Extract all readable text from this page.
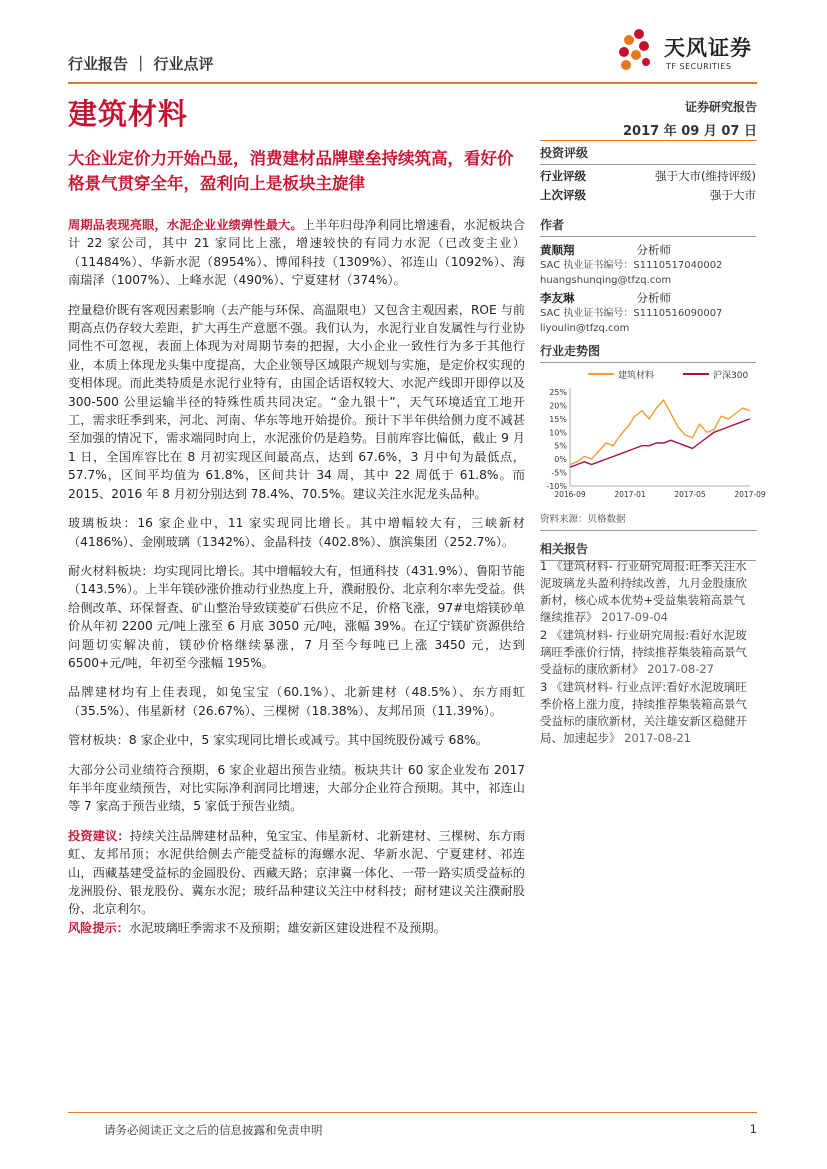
天风证券
TF SECURITIES
行业报告 ｜ 行业点评
建筑材料	证券研究报告
2017 年 09 月 07 日
大企业定价力开始凸显，消费建材品牌壁垒持续筑高，看好价格景气贯穿全年，盈利向上是板块主旋律

周期品表现亮眼，水泥企业业绩弹性最大。上半年归母净利同比增速看，水泥板块合计 22 家公司，其中 21 家同比上涨，增速较快的有同力水泥（已改变主业）（11484%）、华新水泥（8954%）、博闻科技（1309%）、祁连山（1092%）、海南瑞泽（1007%）、上峰水泥（490%）、宁夏建材（374%）。

控量稳价既有客观因素影响（去产能与环保、高温限电）又包含主观因素，ROE 与前期高点仍存较大差距，扩大再生产意愿不强。我们认为，水泥行业自发属性与行业协同性不可忽视，表面上体现为对周期节奏的把握，大小企业一致性行为多于其他行业，本质上体现龙头集中度提高，大企业领导区域限产规划与实施，是定价权实现的变相体现。而此类特质是水泥行业特有，由国企话语权较大、水泥产线即开即停以及 300-500 公里运输半径的特殊性质共同决定。“金九银十”，天气环境适宜工地开工，需求旺季到来，河北、河南、华东等地开始提价。预计下半年供给侧力度不减甚至加强的情况下，需求端同时向上，水泥涨价仍是趋势。目前库容比偏低，截止 9 月 1 日，全国库容比在 8 月初实现区间最高点，达到 67.6%，3 月中旬为最低点，57.7%，区间平均值为 61.8%，区间共计 34 周，其中 22 周低于 61.8%。而 2015、2016 年 8 月初分别达到 78.4%、70.5%。建议关注水泥龙头品种。

玻璃板块：16 家企业中，11 家实现同比增长。其中增幅较大有，三峡新材（4186%）、金刚玻璃（1342%）、金晶科技（402.8%）、旗滨集团（252.7%）。

耐火材料板块：均实现同比增长。其中增幅较大有，恒通科技（431.9%）、鲁阳节能（143.5%）。上半年镁砂涨价推动行业热度上升，濮耐股份、北京利尔率先受益。供给侧改革、环保督查、矿山整治导致镁菱矿石供应不足，价格飞涨，97#电熔镁砂单价从年初 2200 元/吨上涨至 6 月底 3050 元/吨，涨幅 39%。在辽宁镁矿资源供给问题切实解决前，镁砂价格继续暴涨，7 月至今每吨已上涨 3450 元，达到 6500+元/吨，年初至今涨幅 195%。

品牌建材均有上佳表现，如兔宝宝（60.1%）、北新建材（48.5%）、东方雨虹（35.5%）、伟星新材（26.67%）、三棵树（18.38%）、友邦吊顶（11.39%）。

管材板块：8 家企业中，5 家实现同比增长或减亏。其中国统股份减亏 68%。

大部分公司业绩符合预期，6 家企业超出预告业绩。板块共计 60 家企业发布 2017 年半年度业绩预告，对比实际净利润同比增速，大部分企业符合预期。其中，祁连山等 7 家高于预告业绩，5 家低于预告业绩。

投资建议：持续关注品牌建材品种，兔宝宝、伟星新材、北新建材、三棵树、东方雨虹、友邦吊顶；水泥供给侧去产能受益标的海螺水泥、华新水泥、宁夏建材、祁连山，西藏基建受益标的金圆股份、西藏天路；京津冀一体化、一带一路实质受益标的龙洲股份、银龙股份、冀东水泥；玻纤品种建议关注中材科技；耐材建议关注濮耐股份、北京利尔。

风险提示：水泥玻璃旺季需求不及预期；雄安新区建设进程不及预期。

投资评级
行业评级	强于大市(维持评级)
上次评级	强于大市
作者
黄顺翔	分析师
SAC 执业证书编号：S1110517040002
huangshunqing@tfzq.com
李友琳	分析师
SAC 执业证书编号：S1110516090007
liyoulin@tfzq.com
行业走势图
建筑材料	沪深300
25%
20%
15%
10%
5%
0%
-5%
-10%
2016-09	2017-01	2017-05	2017-09
资料来源：贝格数据
相关报告
1 《建筑材料- 行业研究周报:旺季关注水泥玻璃龙头盈利持续改善，九月金股康欣新材，核心成本优势+受益集装箱高景气继续推荐》 2017-09-04
2 《建筑材料- 行业研究周报:看好水泥玻璃旺季涨价行情，持续推荐集装箱高景气受益标的康欣新材》 2017-08-27
3 《建筑材料- 行业点评:看好水泥玻璃旺季价格上涨力度，持续推荐集装箱高景气受益标的康欣新材，关注雄安新区稳健开局、加速起步》 2017-08-21
请务必阅读正文之后的信息披露和免责申明	1
